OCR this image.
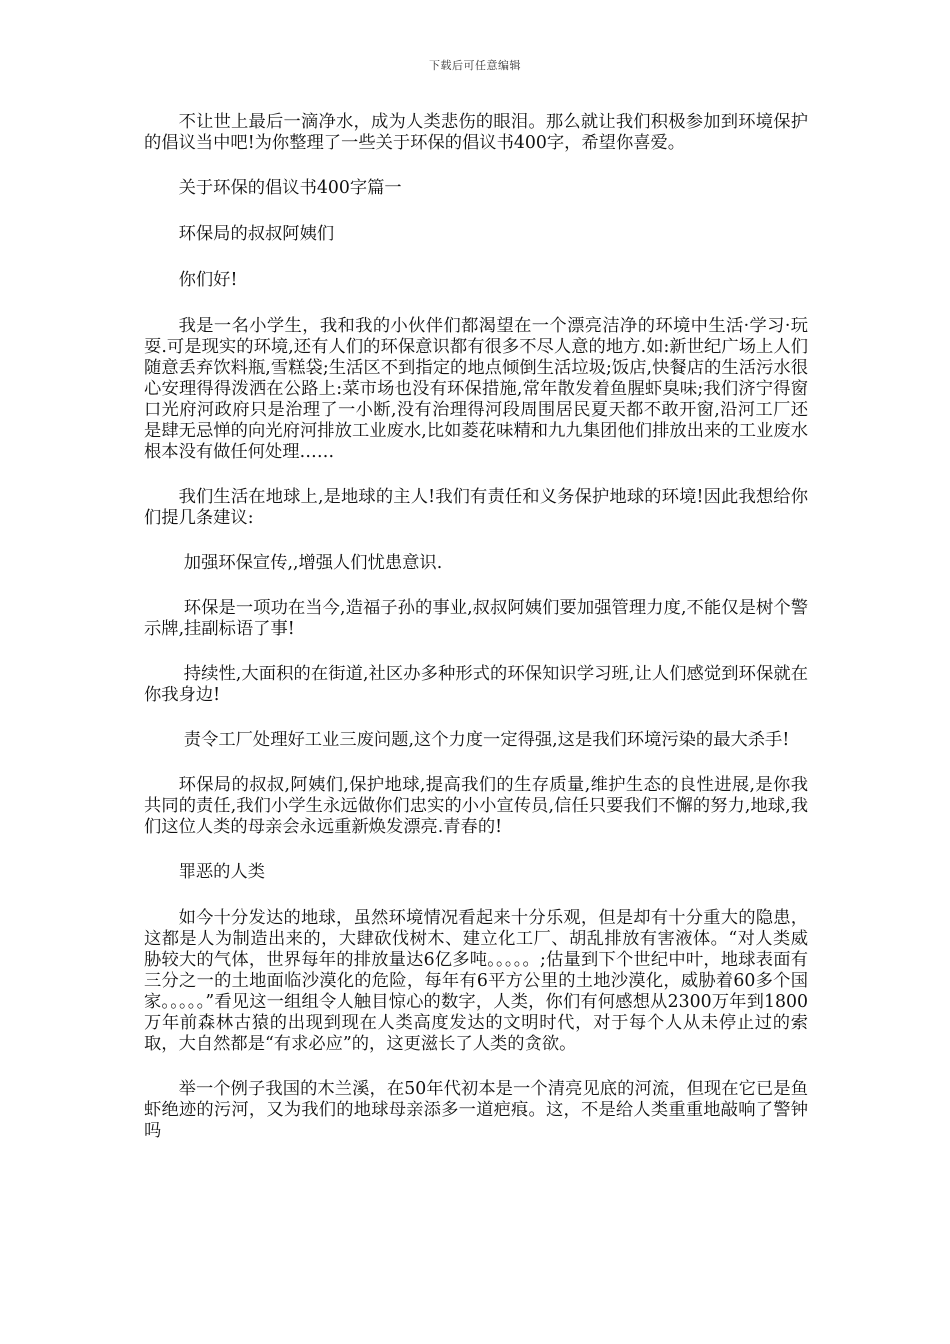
下载后可任意编辑

不让世上最后一滴净水，成为人类悲伤的眼泪。那么就让我们积极参加到环境保护的倡议当中吧!为你整理了一些关于环保的倡议书400字，希望你喜爱。

关于环保的倡议书400字篇一

环保局的叔叔阿姨们

你们好!

我是一名小学生，我和我的小伙伴们都渴望在一个漂亮洁净的环境中生活·学习·玩耍.可是现实的环境,还有人们的环保意识都有很多不尽人意的地方.如:新世纪广场上人们随意丢弃饮料瓶,雪糕袋;生活区不到指定的地点倾倒生活垃圾;饭店,快餐店的生活污水很心安理得得泼洒在公路上:菜市场也没有环保措施,常年散发着鱼腥虾臭味;我们济宁得窗口光府河政府只是治理了一小断,没有治理得河段周围居民夏天都不敢开窗,沿河工厂还是肆无忌惮的向光府河排放工业废水,比如菱花味精和九九集团他们排放出来的工业废水根本没有做任何处理……

我们生活在地球上,是地球的主人!我们有责任和义务保护地球的环境!因此我想给你们提几条建议:

加强环保宣传,,增强人们忧患意识.

环保是一项功在当今,造福子孙的事业,叔叔阿姨们要加强管理力度,不能仅是树个警示牌,挂副标语了事!

持续性,大面积的在街道,社区办多种形式的环保知识学习班,让人们感觉到环保就在你我身边!

责令工厂处理好工业三废问题,这个力度一定得强,这是我们环境污染的最大杀手!

环保局的叔叔,阿姨们,保护地球,提高我们的生存质量,维护生态的良性进展,是你我共同的责任,我们小学生永远做你们忠实的小小宣传员,信任只要我们不懈的努力,地球,我们这位人类的母亲会永远重新焕发漂亮.青春的!

罪恶的人类

如今十分发达的地球，虽然环境情况看起来十分乐观，但是却有十分重大的隐患，这都是人为制造出来的，大肆砍伐树木、建立化工厂、胡乱排放有害液体。“对人类威胁较大的气体，世界每年的排放量达6亿多吨。。。。。;估量到下个世纪中叶，地球表面有三分之一的土地面临沙漠化的危险，每年有6平方公里的土地沙漠化，威胁着60多个国家。。。。。”看见这一组组令人触目惊心的数字，人类，你们有何感想从2300万年到1800万年前森林古猿的出现到现在人类高度发达的文明时代，对于每个人从未停止过的索取，大自然都是“有求必应”的，这更滋长了人类的贪欲。

举一个例子我国的木兰溪，在50年代初本是一个清亮见底的河流，但现在它已是鱼虾绝迹的污河，又为我们的地球母亲添多一道疤痕。这，不是给人类重重地敲响了警钟吗
